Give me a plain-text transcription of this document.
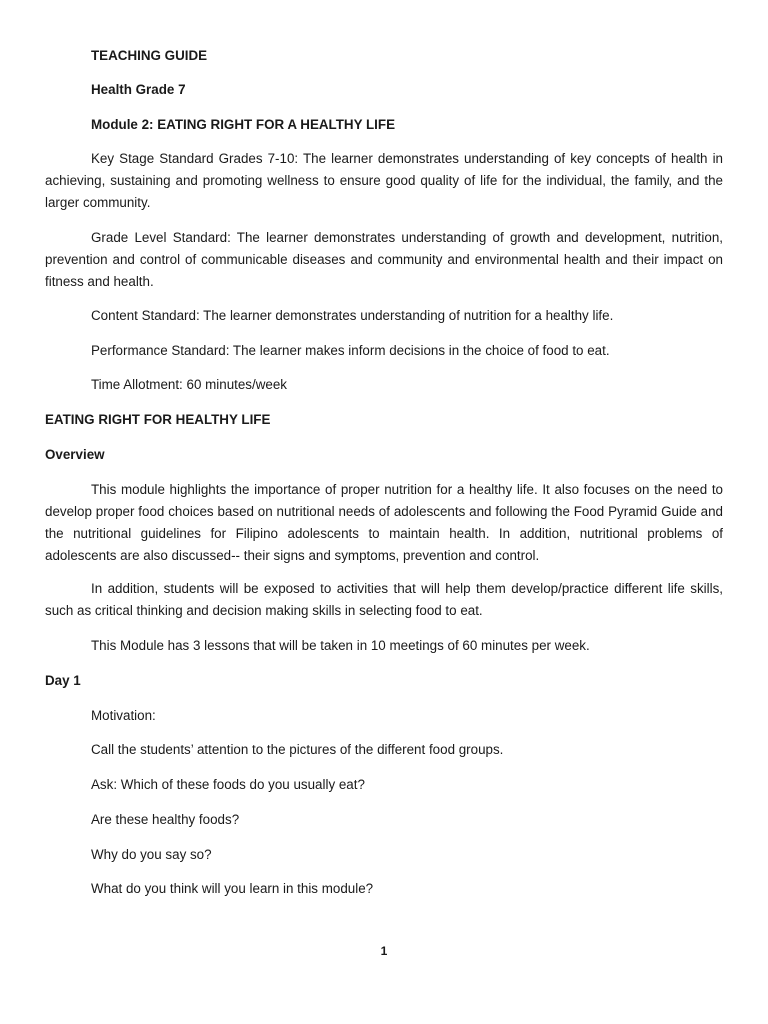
TEACHING GUIDE
Health Grade 7
Module 2: EATING RIGHT FOR A HEALTHY LIFE

Key Stage Standard Grades 7-10: The learner demonstrates understanding of key concepts of health in achieving, sustaining and promoting wellness to ensure good quality of life for the individual, the family, and the larger community.

Grade Level Standard: The learner demonstrates understanding of growth and development, nutrition, prevention and control of communicable diseases and community and environmental health and their impact on fitness and health.

Content Standard: The learner demonstrates understanding of nutrition for a healthy life.
Performance Standard: The learner makes inform decisions in the choice of food to eat.
Time Allotment: 60 minutes/week
EATING RIGHT FOR HEALTHY LIFE
Overview

This module highlights the importance of proper nutrition for a healthy life. It also focuses on the need to develop proper food choices based on nutritional needs of adolescents and following the Food Pyramid Guide and the nutritional guidelines for Filipino adolescents to maintain health. In addition, nutritional problems of adolescents are also discussed-- their signs and symptoms, prevention and control.

In addition, students will be exposed to activities that will help them develop/practice different life skills, such as critical thinking and decision making skills in selecting food to eat.

This Module has 3 lessons that will be taken in 10 meetings of 60 minutes per week.
Day 1
Motivation:
Call the students’ attention to the pictures of the different food groups.
Ask: Which of these foods do you usually eat?
Are these healthy foods?
Why do you say so?
What do you think will you learn in this module?
1
